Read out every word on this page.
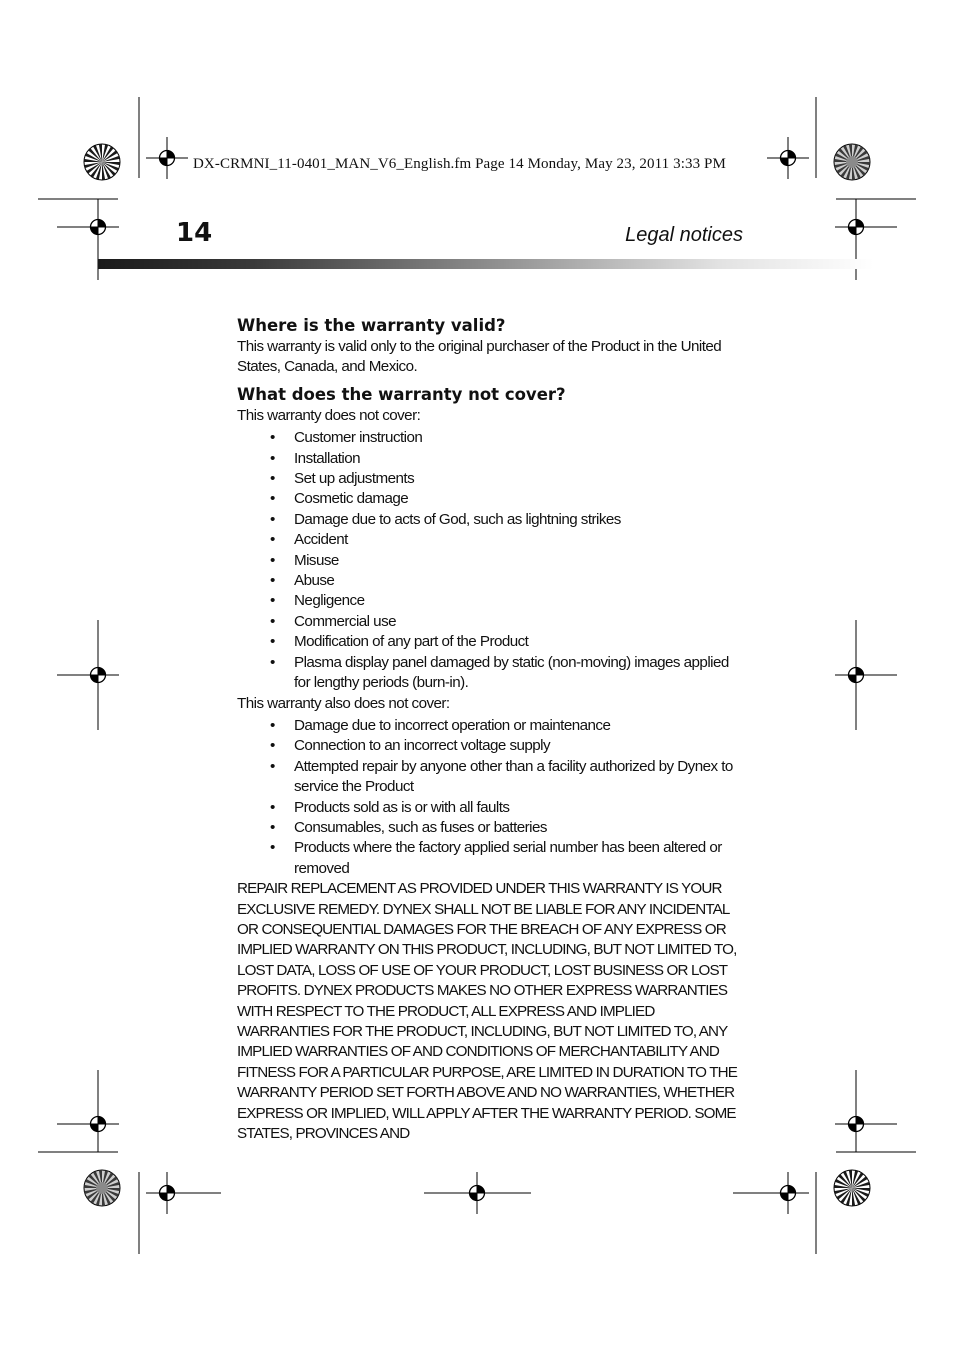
DX-CRMNI_11-0401_MAN_V6_English.fm Page 14 Monday, May 23, 2011 3:33 PM
14	Legal notices
Where is the warranty valid?

This warranty is valid only to the original purchaser of the Product in the United States, Canada, and Mexico.

What does the warranty not cover?

This warranty does not cover:

• Customer instruction
• Installation
• Set up adjustments
• Cosmetic damage
• Damage due to acts of God, such as lightning strikes
• Accident
• Misuse
• Abuse
• Negligence
• Commercial use
• Modification of any part of the Product
• Plasma display panel damaged by static (non-moving) images applied for lengthy periods (burn-in).

This warranty also does not cover:

• Damage due to incorrect operation or maintenance
• Connection to an incorrect voltage supply
• Attempted repair by anyone other than a facility authorized by Dynex to service the Product
• Products sold as is or with all faults
• Consumables, such as fuses or batteries
• Products where the factory applied serial number has been altered or removed

REPAIR REPLACEMENT AS PROVIDED UNDER THIS WARRANTY IS YOUR EXCLUSIVE REMEDY. DYNEX SHALL NOT BE LIABLE FOR ANY INCIDENTAL OR CONSEQUENTIAL DAMAGES FOR THE BREACH OF ANY EXPRESS OR IMPLIED WARRANTY ON THIS PRODUCT, INCLUDING, BUT NOT LIMITED TO, LOST DATA, LOSS OF USE OF YOUR PRODUCT, LOST BUSINESS OR LOST PROFITS. DYNEX PRODUCTS MAKES NO OTHER EXPRESS WARRANTIES WITH RESPECT TO THE PRODUCT, ALL EXPRESS AND IMPLIED WARRANTIES FOR THE PRODUCT, INCLUDING, BUT NOT LIMITED TO, ANY IMPLIED WARRANTIES OF AND CONDITIONS OF MERCHANTABILITY AND FITNESS FOR A PARTICULAR PURPOSE, ARE LIMITED IN DURATION TO THE WARRANTY PERIOD SET FORTH ABOVE AND NO WARRANTIES, WHETHER EXPRESS OR IMPLIED, WILL APPLY AFTER THE WARRANTY PERIOD. SOME STATES, PROVINCES AND
